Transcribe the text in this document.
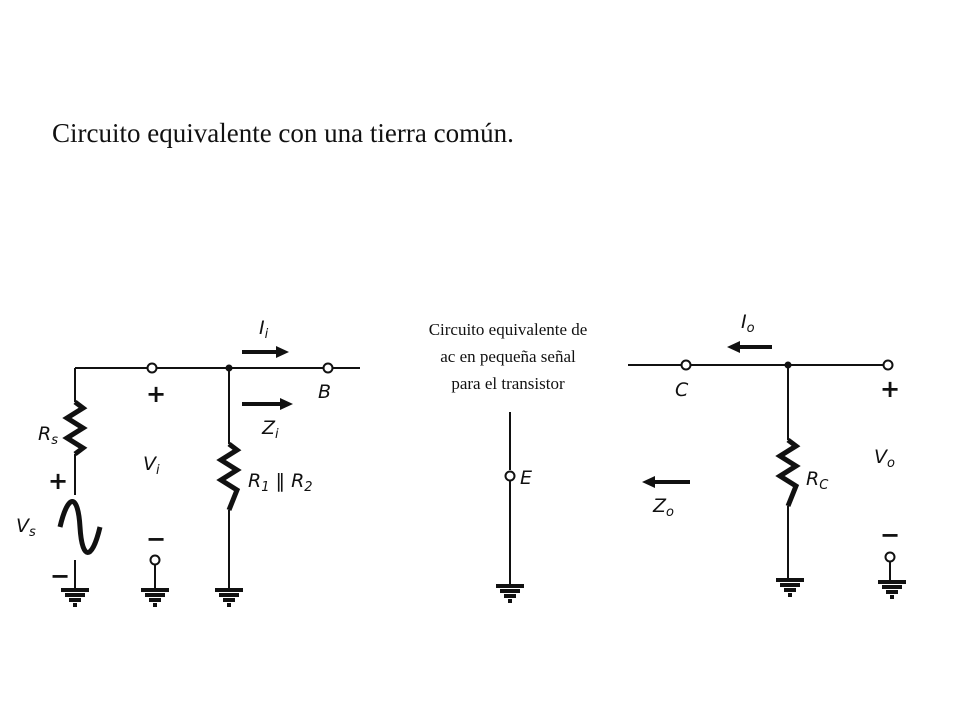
Circuito equivalente con una tierra común.
$I_i$
$Z_i$
$R_s$
$V_s$
$V_i$	$R_1$ ‖ $R_2$
B
+
−
+
−
Circuito equivalente de
ac en pequeña señal
para el transistor
E
$I_o$
C
$Z_o$
$R_C$
$V_o$
+
−
